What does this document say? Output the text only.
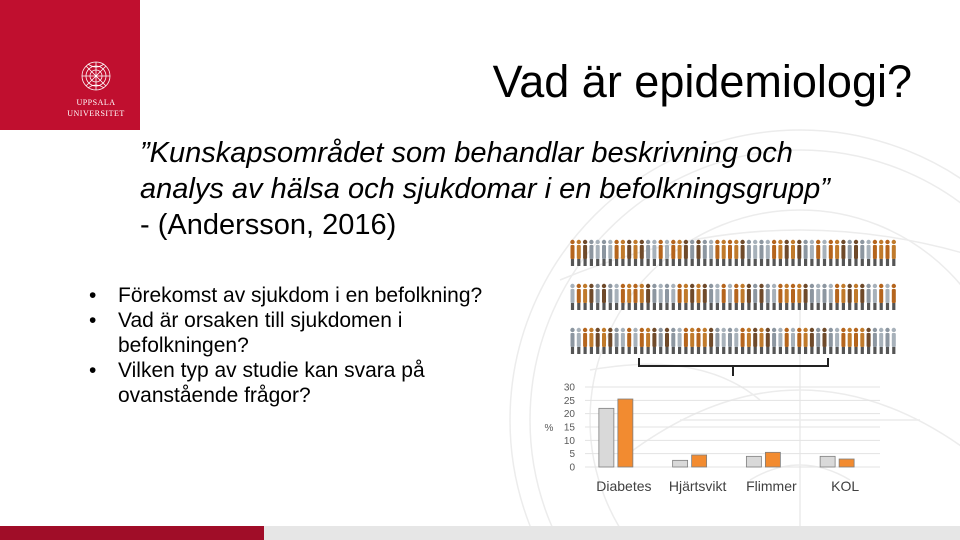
UPPSALA
UNIVERSITET
Vad är epidemiologi?
”Kunskapsområdet som behandlar beskrivning och
analys av hälsa och sjukdomar i en befolkningsgrupp”
- (Andersson, 2016)
• Förekomst av sjukdom i en befolkning?
• Vad är orsaken till sjukdomen i befolkningen?
• Vilken typ av studie kan svara på ovanstående frågor?
0
5
10
15
20
25
30
%
Diabetes Hjärtsvikt Flimmer KOL
